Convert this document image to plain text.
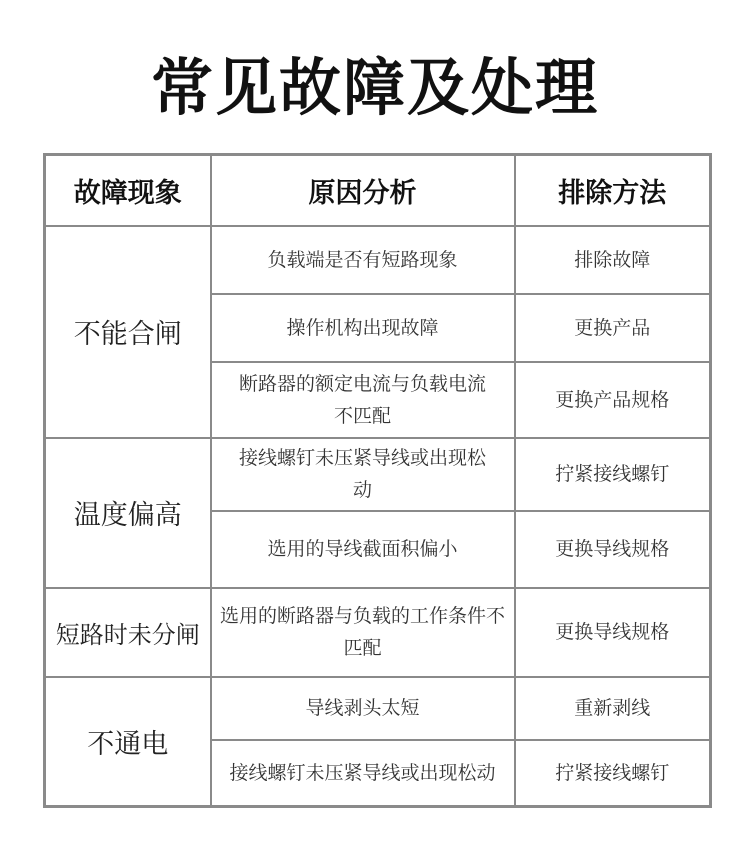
常见故障及处理
故障现象	原因分析	排除方法
不能合闸	负载端是否有短路现象	排除故障
	操作机构出现故障	更换产品
	断路器的额定电流与负载电流不匹配	更换产品规格
温度偏高	接线螺钉未压紧导线或出现松动	拧紧接线螺钉
	选用的导线截面积偏小	更换导线规格
短路时未分闸	选用的断路器与负载的工作条件不匹配	更换导线规格
不通电	导线剥头太短	重新剥线
	接线螺钉未压紧导线或出现松动	拧紧接线螺钉
